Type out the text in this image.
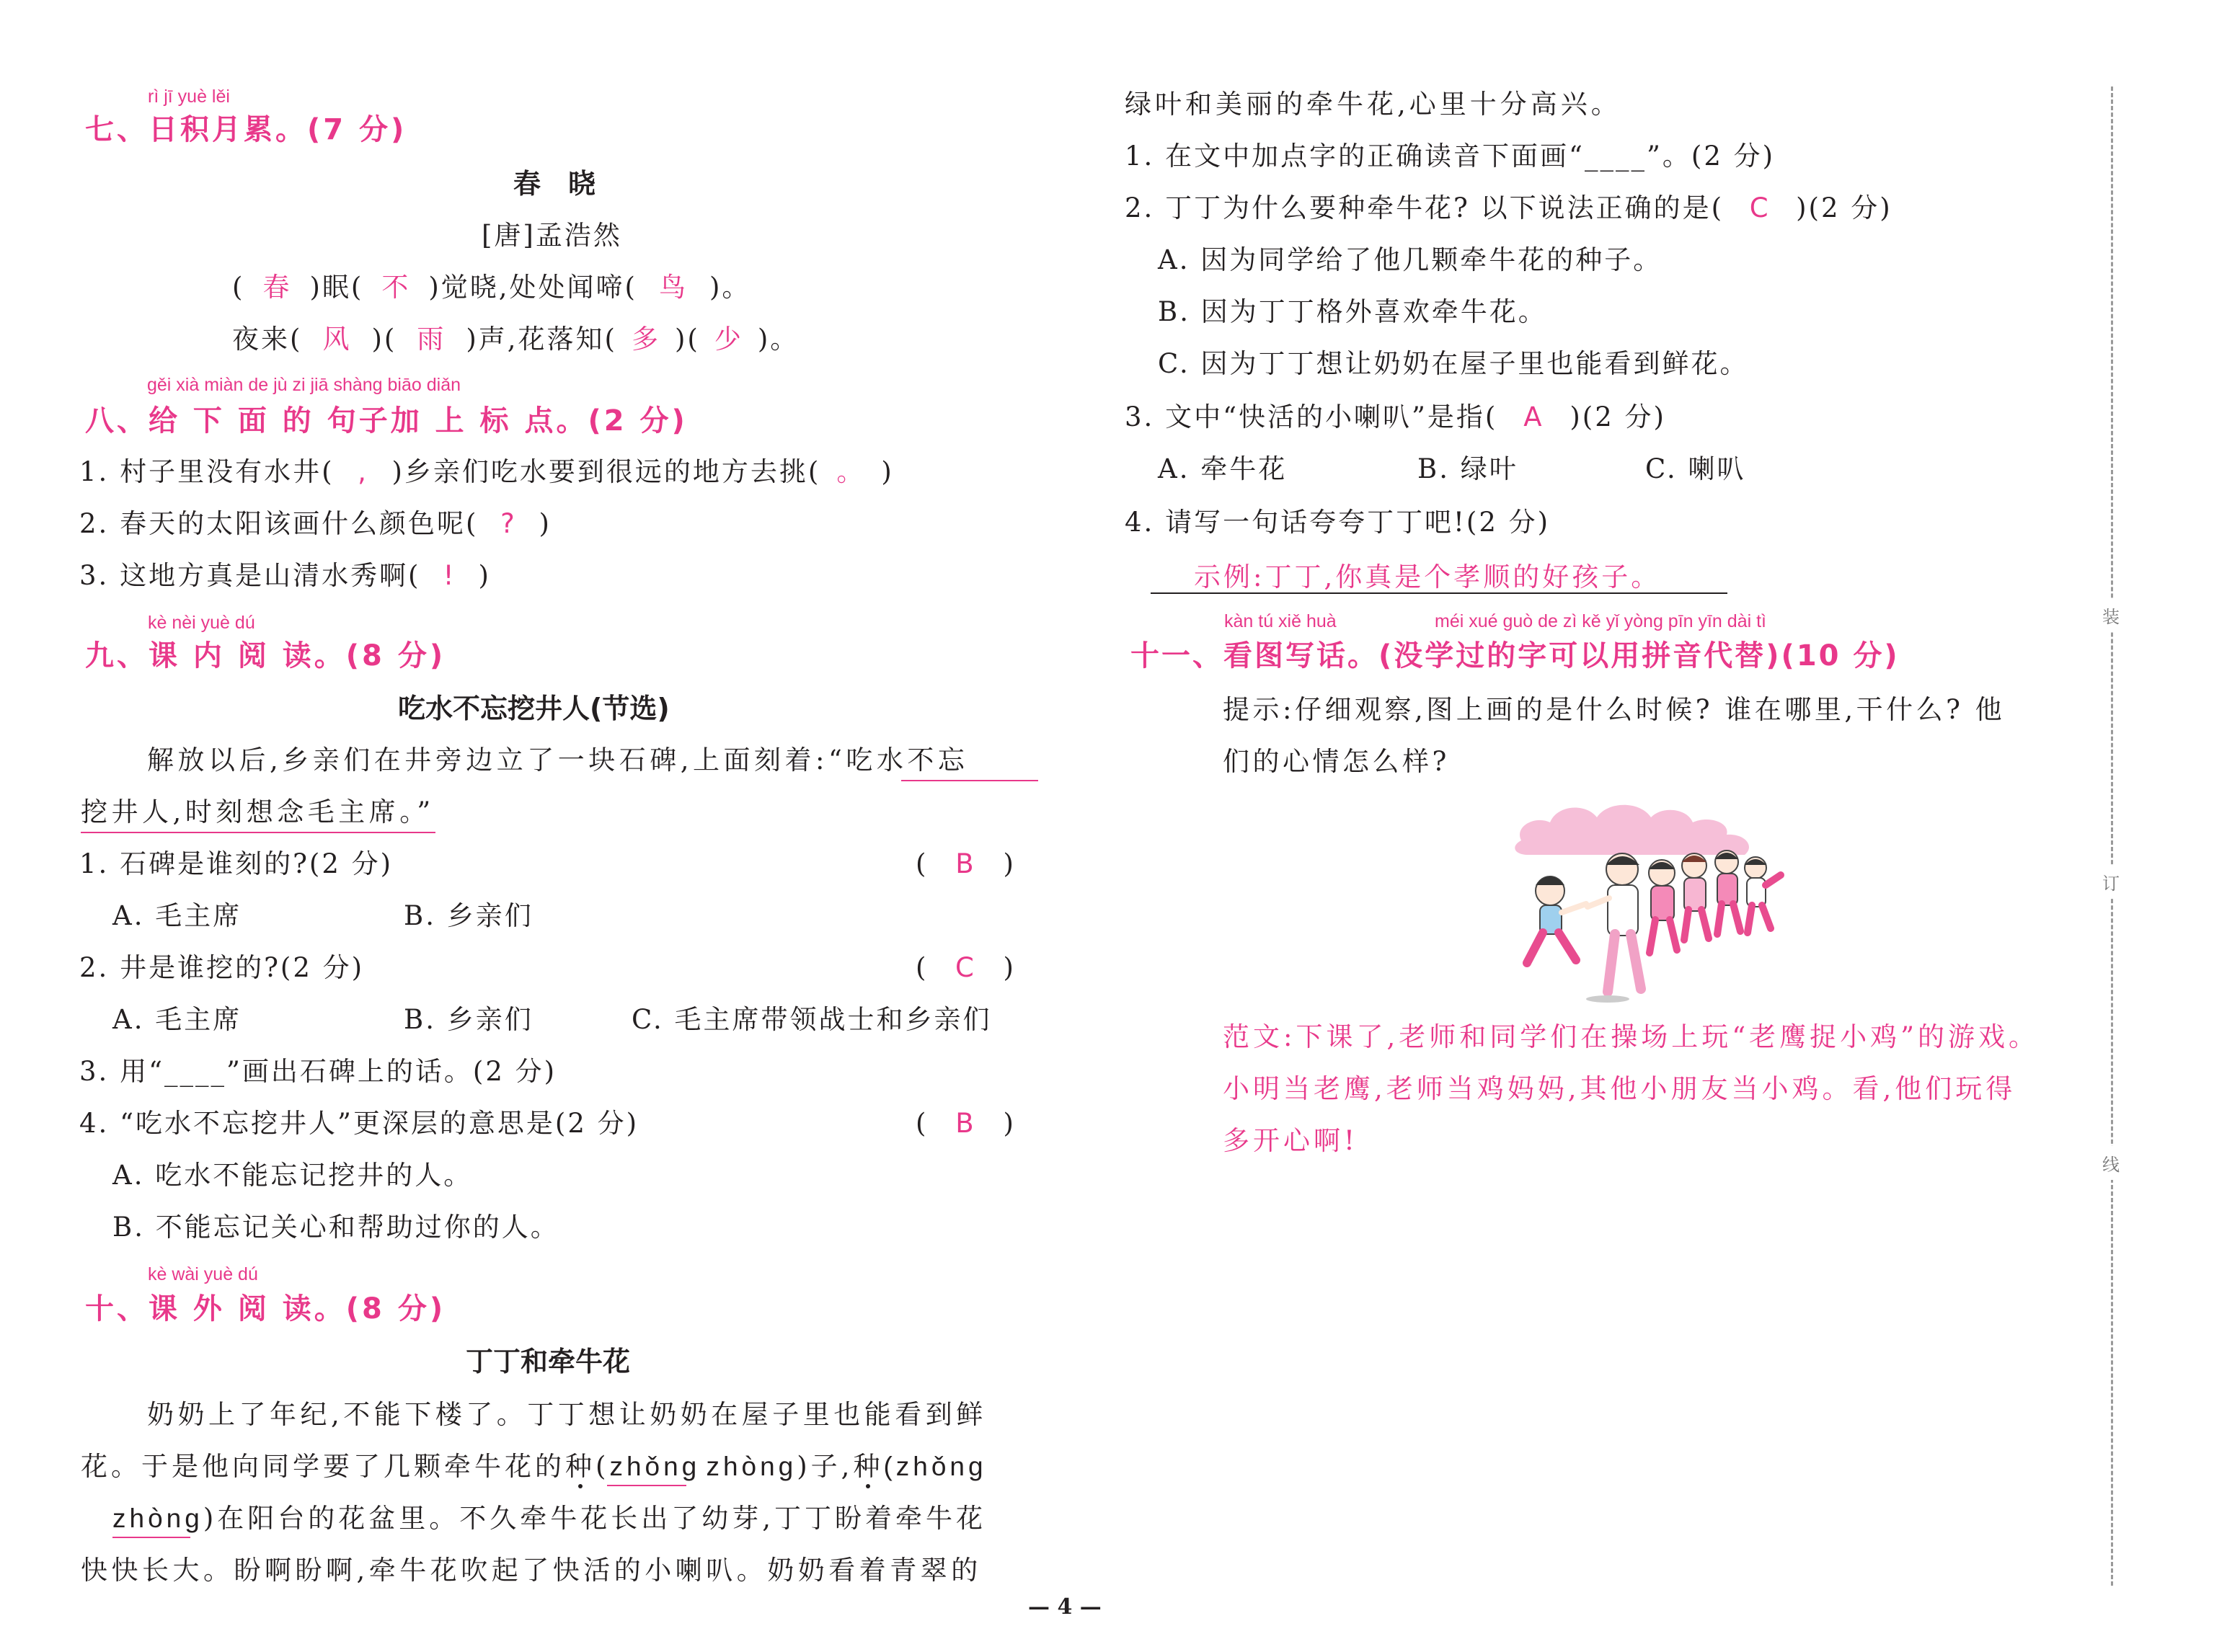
rì jī yuè lěi
七、日积月累。(7 分)
春　晓
[唐]孟浩然
( 春 )眠( 不 )觉晓,处处闻啼( 鸟 )。
夜来( 风 )( 雨 )声,花落知( 多 )( 少 )。
gěi xià miàn de jù zi jiā shàng biāo diǎn
八、给 下 面 的 句子加 上 标 点。(2 分)
1. 村子里没有水井( , )乡亲们吃水要到很远的地方去挑( 。 )
2. 春天的太阳该画什么颜色呢( ? )
3. 这地方真是山清水秀啊( ! )
kè nèi yuè dú
九、课 内 阅 读。(8 分)
吃水不忘挖井人(节选)
解放以后,乡亲们在井旁边立了一块石碑,上面刻着:“吃水不忘
挖井人,时刻想念毛主席。”
1. 石碑是谁刻的?(2 分)	( B )
A. 毛主席	B. 乡亲们
2. 井是谁挖的?(2 分)	( C )
A. 毛主席	B. 乡亲们	C. 毛主席带领战士和乡亲们
3. 用“____”画出石碑上的话。(2 分)
4. “吃水不忘挖井人”更深层的意思是(2 分)	( B )
A. 吃水不能忘记挖井的人。
B. 不能忘记关心和帮助过你的人。
kè wài yuè dú
十、课 外 阅 读。(8 分)
丁丁和牵牛花
奶奶上了年纪,不能下楼了。丁丁想让奶奶在屋子里也能看到鲜
花。于是他向同学要了几颗牵牛花的种(zhǒng zhòng)子,种(zhǒng
zhòng)在阳台的花盆里。不久牵牛花长出了幼芽,丁丁盼着牵牛花
快快长大。盼啊盼啊,牵牛花吹起了快活的小喇叭。奶奶看着青翠的
绿叶和美丽的牵牛花,心里十分高兴。
1. 在文中加点字的正确读音下面画“____”。(2 分)
2. 丁丁为什么要种牵牛花? 以下说法正确的是( C )(2 分)
A. 因为同学给了他几颗牵牛花的种子。
B. 因为丁丁格外喜欢牵牛花。
C. 因为丁丁想让奶奶在屋子里也能看到鲜花。
3. 文中“快活的小喇叭”是指( A )(2 分)
A. 牵牛花	B. 绿叶	C. 喇叭
4. 请写一句话夸夸丁丁吧!(2 分)
示例:丁丁,你真是个孝顺的好孩子。
kàn tú xiě huà	méi xué guò de zì kě yǐ yòng pīn yīn dài tì
十一、看图写话。(没学过的字可以用拼音代替)(10 分)
提示:仔细观察,图上画的是什么时候? 谁在哪里,干什么? 他
们的心情怎么样?
范文:下课了,老师和同学们在操场上玩“老鹰捉小鸡”的游戏。
小明当老鹰,老师当鸡妈妈,其他小朋友当小鸡。看,他们玩得
多开心啊!
装
订
线
— 4 —
